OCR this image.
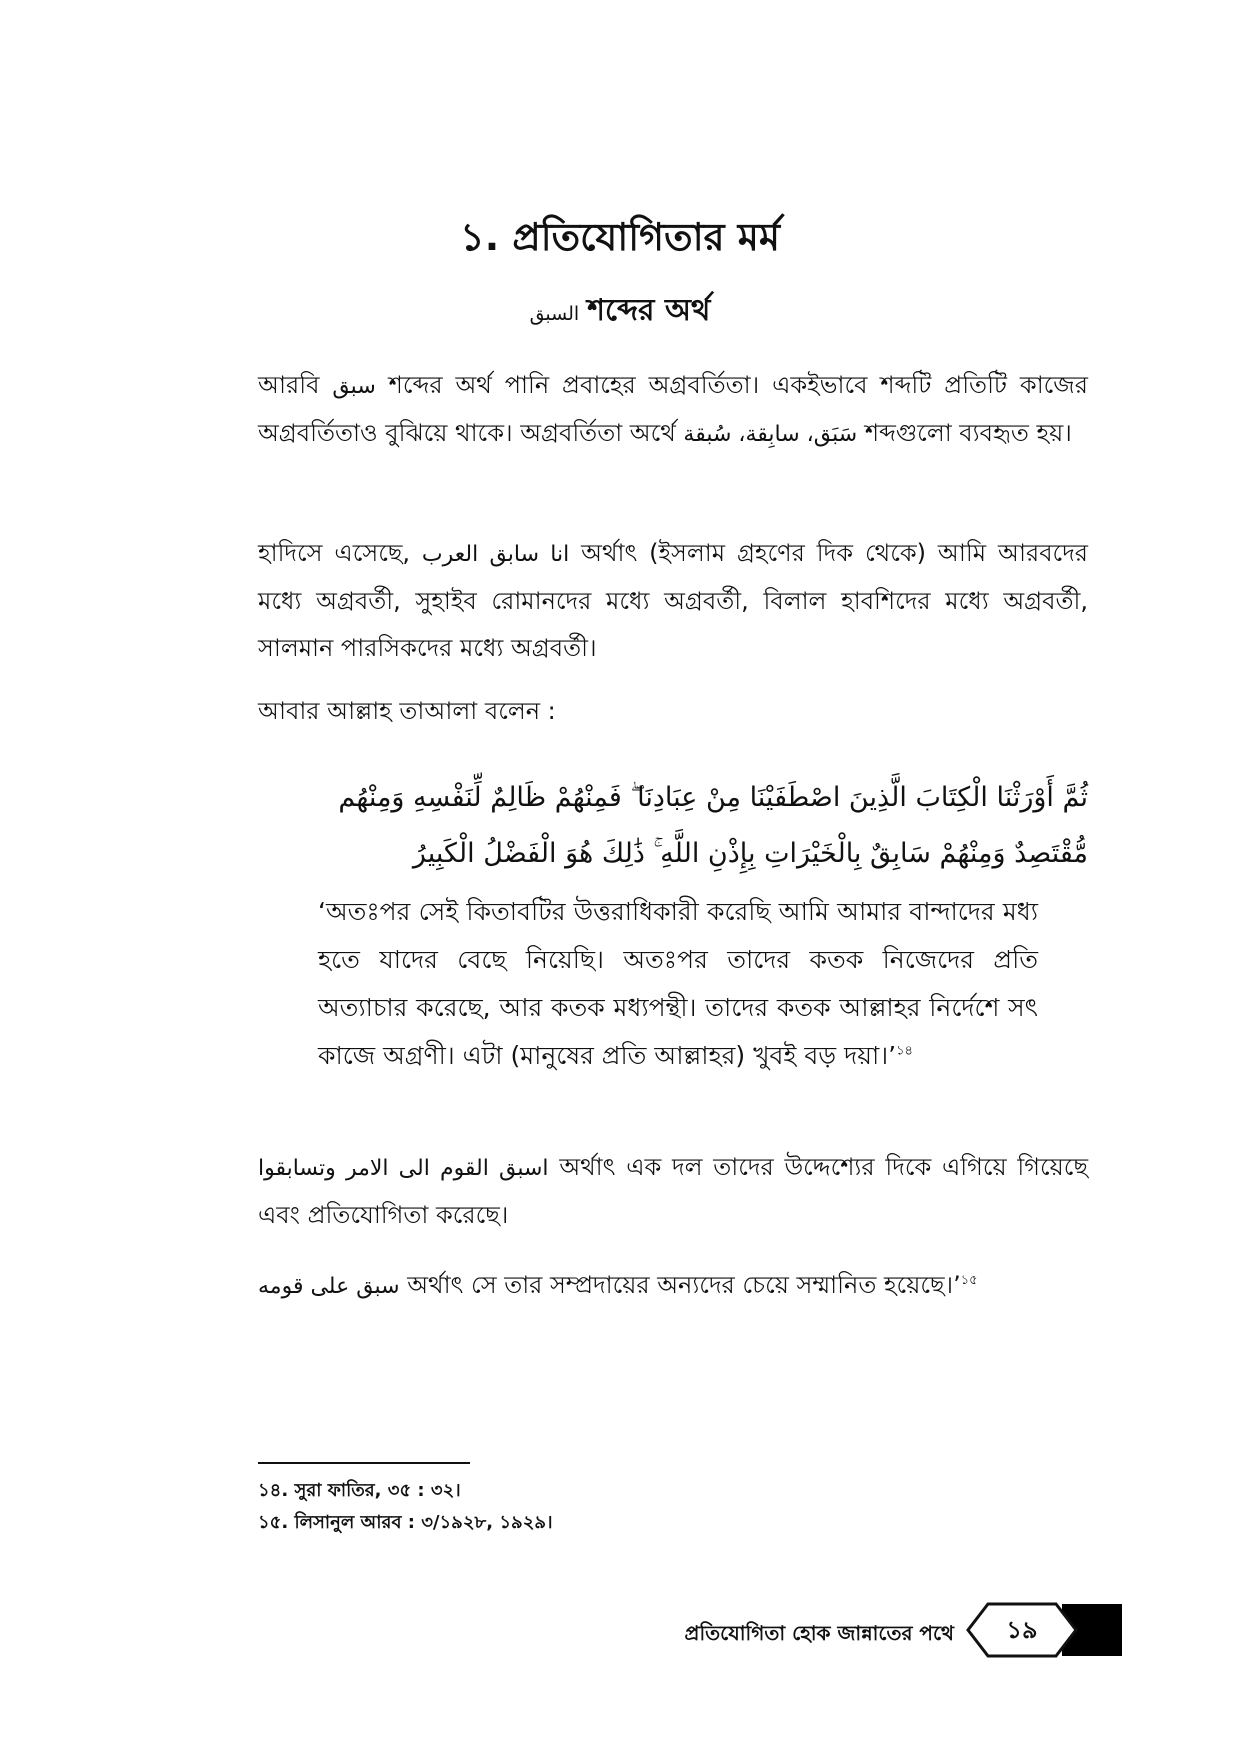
১. প্রতিযোগিতার মর্ম
السبق শব্দের অর্থ
আরবি سبق শব্দের অর্থ পানি প্রবাহের অগ্রবর্তিতা। একইভাবে শব্দটি প্রতিটি কাজের অগ্রবর্তিতাও বুঝিয়ে থাকে। অগ্রবর্তিতা অর্থে سَبَق، سابِقة، سُبقة শব্দগুলো ব্যবহৃত হয়।
হাদিসে এসেছে, انا سابق العرب অর্থাৎ (ইসলাম গ্রহণের দিক থেকে) আমি আরবদের মধ্যে অগ্রবর্তী, সুহাইব রোমানদের মধ্যে অগ্রবর্তী, বিলাল হাবশিদের মধ্যে অগ্রবর্তী, সালমান পারসিকদের মধ্যে অগ্রবর্তী।
আবার আল্লাহ তাআলা বলেন :
ثُمَّ أَوْرَثْنَا الْكِتَابَ الَّذِينَ اصْطَفَيْنَا مِنْ عِبَادِنَا ۖ فَمِنْهُمْ ظَالِمٌ لِّنَفْسِهِ وَمِنْهُم
مُّقْتَصِدٌ وَمِنْهُمْ سَابِقٌ بِالْخَيْرَاتِ بِإِذْنِ اللَّهِ ۚ ذَٰلِكَ هُوَ الْفَضْلُ الْكَبِيرُ
‘অতঃপর সেই কিতাবটির উত্তরাধিকারী করেছি আমি আমার বান্দাদের মধ্য হতে যাদের বেছে নিয়েছি। অতঃপর তাদের কতক নিজেদের প্রতি অত্যাচার করেছে, আর কতক মধ্যপন্থী। তাদের কতক আল্লাহর নির্দেশে সৎ কাজে অগ্রণী। এটা (মানুষের প্রতি আল্লাহর) খুবই বড় দয়া।’$^{১৪}$
اسبق القوم الى الامر وتسابقوا অর্থাৎ এক দল তাদের উদ্দেশ্যের দিকে এগিয়ে গিয়েছে এবং প্রতিযোগিতা করেছে।
سبق على قومه অর্থাৎ সে তার সম্প্রদায়ের অন্যদের চেয়ে সম্মানিত হয়েছে।’$^{১৫}$
১৪. সুরা ফাতির, ৩৫ : ৩২।
১৫. লিসানুল আরব : ৩/১৯২৮, ১৯২৯।
প্রতিযোগিতা হোক জান্নাতের পথে	১৯
